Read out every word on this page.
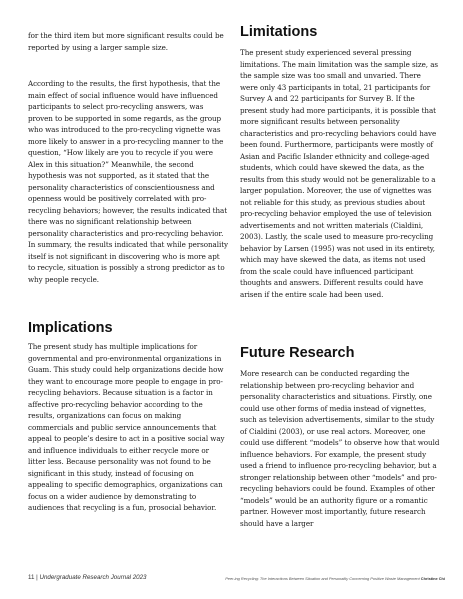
for the third item but more significant results could be reported by using a larger sample size.

According to the results, the first hypothesis, that the main effect of social influence would have influenced participants to select pro-recycling answers, was proven to be supported in some regards, as the group who was introduced to the pro-recycling vignette was more likely to answer in a pro-recycling manner to the question, “How likely are you to recycle if you were Alex in this situation?” Meanwhile, the second hypothesis was not supported, as it stated that the personality characteristics of conscientiousness and openness would be positively correlated with pro-recycling behaviors; however, the results indicated that there was no significant relationship between personality characteristics and pro-recycling behavior. In summary, the results indicated that while personality itself is not significant in discovering who is more apt to recycle, situation is possibly a strong predictor as to why people recycle.

Implications

The present study has multiple implications for governmental and pro-environmental organizations in Guam. This study could help organizations decide how they want to encourage more people to engage in pro-recycling behaviors. Because situation is a factor in affective pro-recycling behavior according to the results, organizations can focus on making commercials and public service announcements that appeal to people’s desire to act in a positive social way and influence individuals to either recycle more or litter less. Because personality was not found to be significant in this study, instead of focusing on appealing to specific demographics, organizations can focus on a wider audience by demonstrating to audiences that recycling is a fun, prosocial behavior.

Limitations

The present study experienced several pressing limitations. The main limitation was the sample size, as the sample size was too small and unvaried. There were only 43 participants in total, 21 participants for Survey A and 22 participants for Survey B. If the present study had more participants, it is possible that more significant results between personality characteristics and pro-recycling behaviors could have been found. Furthermore, participants were mostly of Asian and Pacific Islander ethnicity and college-aged students, which could have skewed the data, as the results from this study would not be generalizable to a larger population. Moreover, the use of vignettes was not reliable for this study, as previous studies about pro-recycling behavior employed the use of television advertisements and not written materials (Cialdini, 2003). Lastly, the scale used to measure pro-recycling behavior by Larsen (1995) was not used in its entirety, which may have skewed the data, as items not used from the scale could have influenced participant thoughts and answers. Different results could have arisen if the entire scale had been used.

Future Research

More research can be conducted regarding the relationship between pro-recycling behavior and personality characteristics and situations. Firstly, one could use other forms of media instead of vignettes, such as television advertisements, similar to the study of Cialdini (2003), or use real actors. Moreover, one could use different “models” to observe how that would influence behaviors. For example, the present study used a friend to influence pro-recycling behavior, but a stronger relationship between other “models” and pro-recycling behaviors could be found. Examples of other “models” would be an authority figure or a romantic partner. However most importantly, future research should have a larger

11 | Undergraduate Research Journal 2023	Peer-ing Recycling: The Interactions Between Situation and Personality Concerning Positive Waste Management Christine Chi
